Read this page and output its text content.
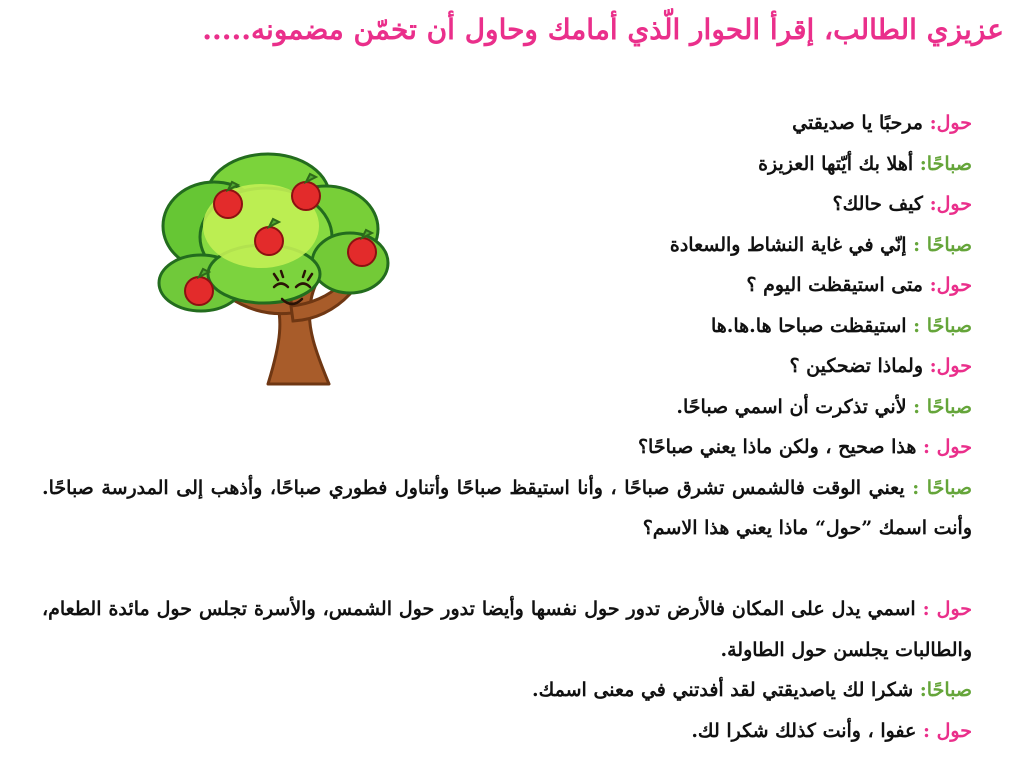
عزيزي الطالب، إقرأ الحوار الّذي أمامك وحاول أن تخمّن مضمونه.....
حول: مرحبًا يا صديقتي
صباحًا: أهلا بك أيّتها العزيزة
حول: كيف حالك؟
صباحًا : إنّي في غاية النشاط والسعادة
حول: متى استيقظت اليوم ؟
صباحًا : استيقظت صباحا ها.ها.ها
حول: ولماذا تضحكين ؟
صباحًا : لأني تذكرت أن اسمي صباحًا.
حول : هذا صحيح ، ولكن ماذا يعني صباحًا؟
صباحًا : يعني الوقت فالشمس تشرق صباحًا ، وأنا استيقظ صباحًا وأتناول فطوري صباحًا، وأذهب إلى المدرسة صباحًا. وأنت اسمك ”حول“ ماذا يعني هذا الاسم؟
حول : اسمي يدل على المكان فالأرض تدور حول نفسها وأيضا تدور حول الشمس، والأسرة تجلس حول مائدة الطعام، والطالبات يجلسن حول الطاولة.
صباحًا: شكرا لك ياصديقتي لقد أفدتني في معنى اسمك.
حول : عفوا ، وأنت كذلك شكرا لك.
